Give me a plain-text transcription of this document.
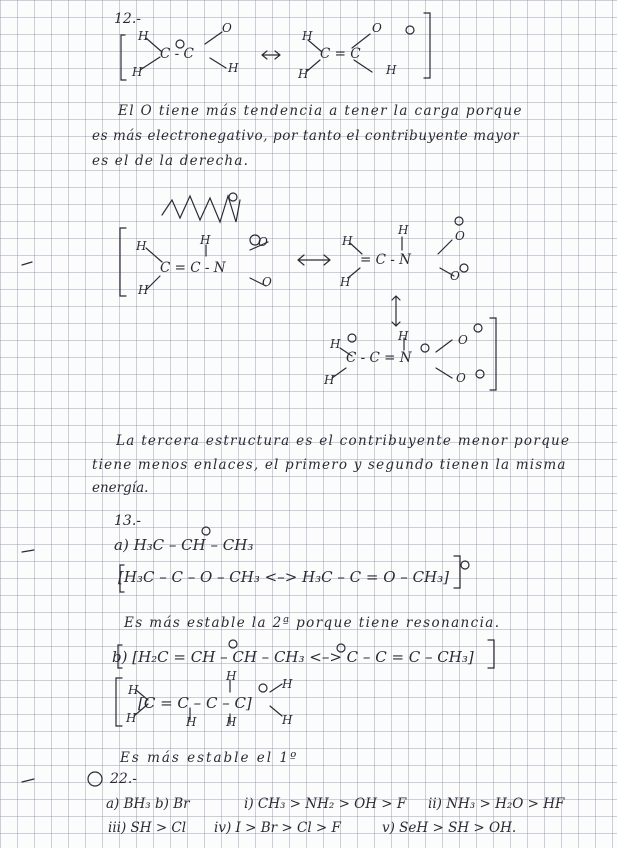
12.-
H
H
C - C
O
H
H
H
C = C
O
H
El O tiene más tendencia a tener la carga porque
es más electronegativo, por tanto el contribuyente mayor
es el de la derecha.
H
H
H
C = C - N
O
O
H
H
H
= C - N
O
O
H
H
H
C - C = N
O
O
La tercera estructura es el contribuyente menor porque
tiene menos enlaces, el primero y segundo tienen la misma
energía.
13.-
a) H₃C – CH – CH₃
[H₃C – C – O – CH₃ <–> H₃C – C = O – CH₃]
Es más estable la 2ª porque tiene resonancia.
b) [H₂C = CH – CH – CH₃ <–> C – C = C – CH₃]
[C = C – C – C]
H
H	H
H
H
H
H
Es más estable el 1º
22.-
a) BH₃ b) Br	i) CH₃ > NH₂ > OH > F ii) NH₃ > H₂O > HF
iii) SH > Cl iv) I > Br > Cl > F	v) SeH > SH > OH.
